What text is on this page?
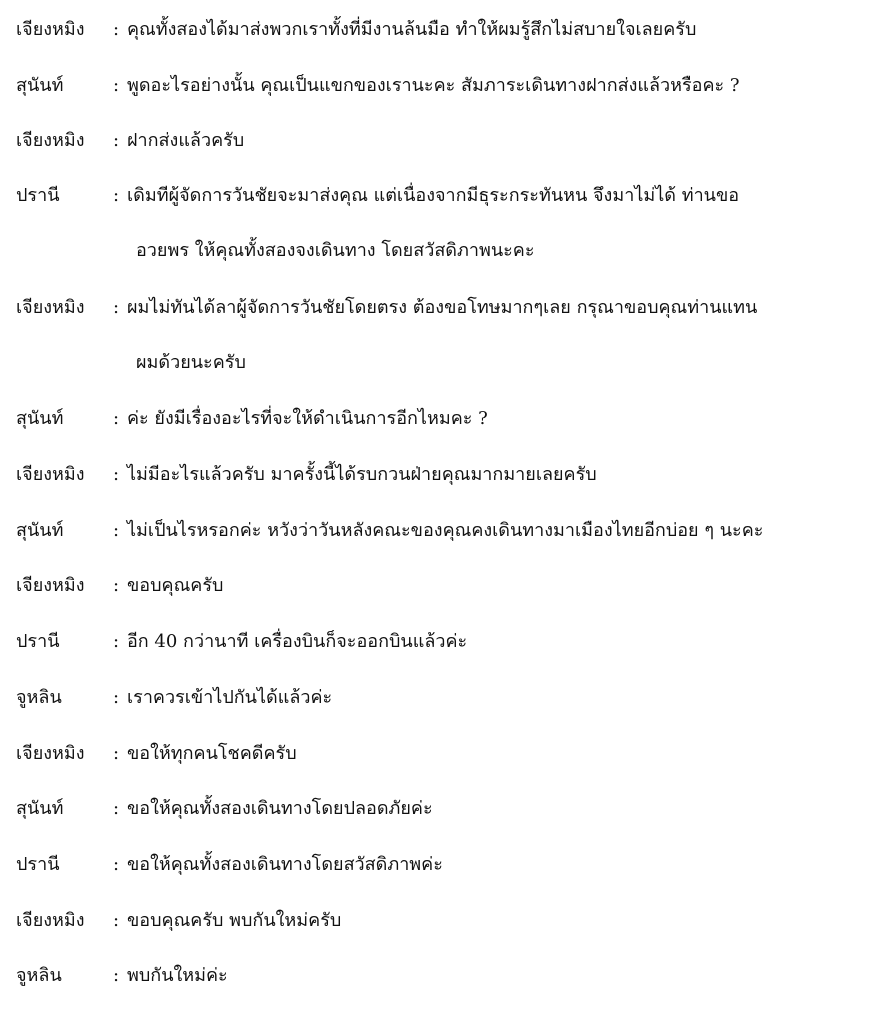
เจียงหมิง : คุณทั้งสองได้มาส่งพวกเราทั้งที่มีงานล้นมือ ทำให้ผมรู้สึกไม่สบายใจเลยครับ
สุนันท์	: พูดอะไรอย่างนั้น คุณเป็นแขกของเรานะคะ สัมภาระเดินทางฝากส่งแล้วหรือคะ ?
เจียงหมิง : ฝากส่งแล้วครับ
ปรานี	: เดิมทีผู้จัดการวันชัยจะมาส่งคุณ แต่เนื่องจากมีธุระกระทันหน จึงมาไม่ได้ ท่านขอ
อวยพร ให้คุณทั้งสองจงเดินทาง โดยสวัสดิภาพนะคะ
เจียงหมิง : ผมไม่ทันได้ลาผู้จัดการวันชัยโดยตรง ต้องขอโทษมากๆเลย กรุณาขอบคุณท่านแทน
ผมด้วยนะครับ
สุนันท์	: ค่ะ ยังมีเรื่องอะไรที่จะให้ดำเนินการอีกไหมคะ ?
เจียงหมิง : ไม่มีอะไรแล้วครับ มาครั้งนี้ได้รบกวนฝ่ายคุณมากมายเลยครับ
สุนันท์	: ไม่เป็นไรหรอกค่ะ หวังว่าวันหลังคณะของคุณคงเดินทางมาเมืองไทยอีกบ่อย ๆ นะคะ
เจียงหมิง : ขอบคุณครับ
ปรานี	: อีก 40 กว่านาที เครื่องบินก็จะออกบินแล้วค่ะ
จูหลิน	: เราควรเข้าไปกันได้แล้วค่ะ
เจียงหมิง : ขอให้ทุกคนโชคดีครับ
สุนันท์	: ขอให้คุณทั้งสองเดินทางโดยปลอดภัยค่ะ
ปรานี	: ขอให้คุณทั้งสองเดินทางโดยสวัสดิภาพค่ะ
เจียงหมิง : ขอบคุณครับ พบกันใหม่ครับ
จูหลิน	: พบกันใหม่ค่ะ
